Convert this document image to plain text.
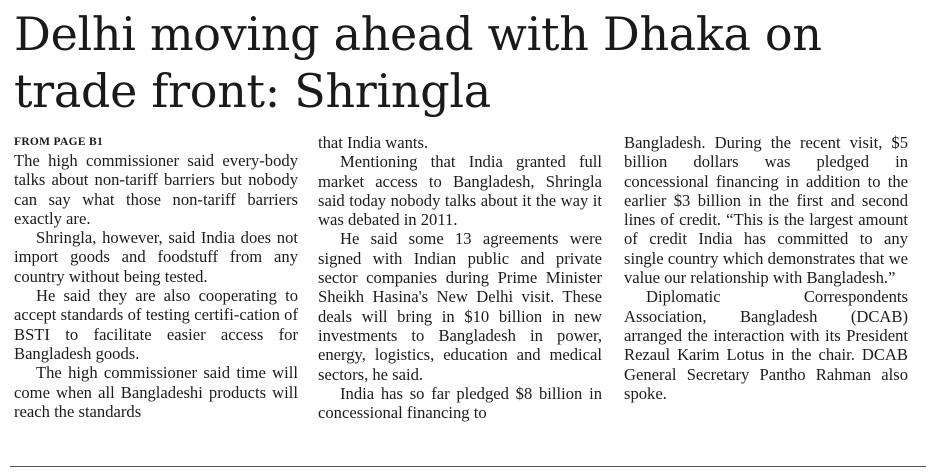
Delhi moving ahead with Dhaka on trade front: Shringla
FROM PAGE B1

The high commissioner said every-body talks about non-tariff barriers but nobody can say what those non-tariff barriers exactly are.

Shringla, however, said India does not import goods and foodstuff from any country without being tested.

He said they are also cooperating to accept standards of testing certifi-cation of BSTI to facilitate easier access for Bangladesh goods.

The high commissioner said time will come when all Bangladeshi products will reach the standards

that India wants.

Mentioning that India granted full market access to Bangladesh, Shringla said today nobody talks about it the way it was debated in 2011.

He said some 13 agreements were signed with Indian public and private sector companies during Prime Minister Sheikh Hasina's New Delhi visit. These deals will bring in $10 billion in new investments to Bangladesh in power, energy, logistics, education and medical sectors, he said.

India has so far pledged $8 billion in concessional financing to

Bangladesh. During the recent visit, $5 billion dollars was pledged in concessional financing in addition to the earlier $3 billion in the first and second lines of credit. “This is the largest amount of credit India has committed to any single country which demonstrates that we value our relationship with Bangladesh.”

Diplomatic Correspondents Association, Bangladesh (DCAB) arranged the interaction with its President Rezaul Karim Lotus in the chair. DCAB General Secretary Pantho Rahman also spoke.
